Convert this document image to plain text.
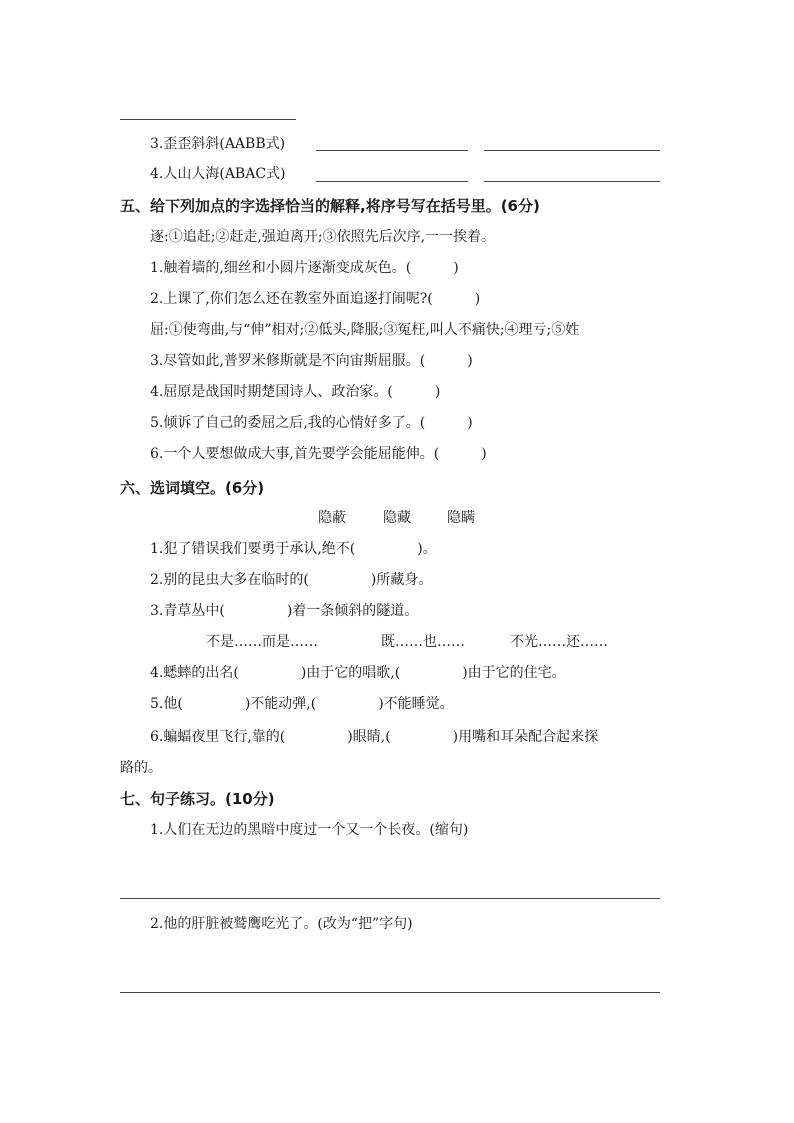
3.歪歪斜斜(AABB式)
4.人山人海(ABAC式)
五、给下列加点的字选择恰当的解释,将序号写在括号里。(6分)
逐:①追赶;②赶走,强迫离开;③依照先后次序,一一挨着。
1.触着墙的,细丝和小圆片逐渐变成灰色。(	)
2.上课了,你们怎么还在教室外面追逐打闹呢?(	)
屈:①使弯曲,与“伸”相对;②低头,降服;③冤枉,叫人不痛快;④理亏;⑤姓
3.尽管如此,普罗米修斯就是不向宙斯屈服。(	)
4.屈原是战国时期楚国诗人、政治家。(	)
5.倾诉了自己的委屈之后,我的心情好多了。(	)
6.一个人要想做成大事,首先要学会能屈能伸。(	)
六、选词填空。(6分)
隐蔽	隐藏	隐瞒
1.犯了错误我们要勇于承认,绝不(	)。
2.别的昆虫大多在临时的(	)所藏身。
3.青草丛中(	)着一条倾斜的隧道。
不是……而是……	既……也……	不光……还……
4.蟋蟀的出名(	)由于它的唱歌,(	)由于它的住宅。
5.他(	)不能动弹,(	)不能睡觉。
6.蝙蝠夜里飞行,靠的(	)眼睛,(	)用嘴和耳朵配合起来探
路的。
七、句子练习。(10分)
1.人们在无边的黑暗中度过一个又一个长夜。(缩句)
2.他的肝脏被鹫鹰吃光了。(改为“把”字句)
